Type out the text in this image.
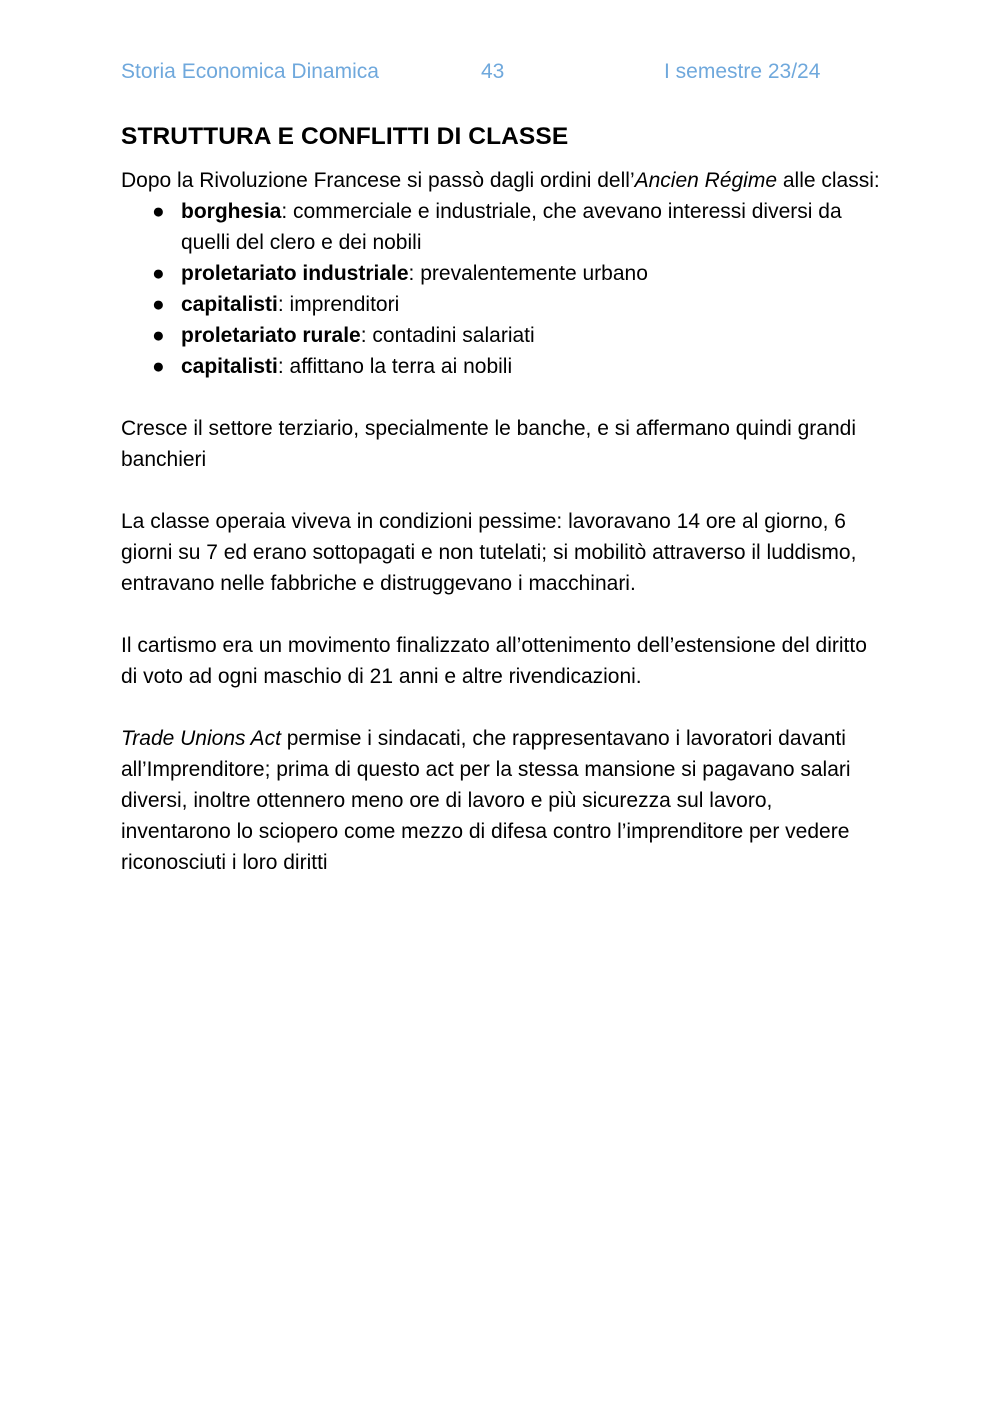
Storia Economica Dinamica	43	I semestre 23/24
STRUTTURA E CONFLITTI DI CLASSE

Dopo la Rivoluzione Francese si passò dagli ordini dell’Ancien Régime alle classi:

● borghesia: commerciale e industriale, che avevano interessi diversi da quelli del clero e dei nobili
● proletariato industriale: prevalentemente urbano
● capitalisti: imprenditori
● proletariato rurale: contadini salariati
● capitalisti: affittano la terra ai nobili

Cresce il settore terziario, specialmente le banche, e si affermano quindi grandi banchieri

La classe operaia viveva in condizioni pessime: lavoravano 14 ore al giorno, 6 giorni su 7 ed erano sottopagati e non tutelati; si mobilitò attraverso il luddismo, entravano nelle fabbriche e distruggevano i macchinari.

Il cartismo era un movimento finalizzato all’ottenimento dell’estensione del diritto di voto ad ogni maschio di 21 anni e altre rivendicazioni.

Trade Unions Act permise i sindacati, che rappresentavano i lavoratori davanti all’Imprenditore; prima di questo act per la stessa mansione si pagavano salari diversi, inoltre ottennero meno ore di lavoro e più sicurezza sul lavoro, inventarono lo sciopero come mezzo di difesa contro l’imprenditore per vedere riconosciuti i loro diritti
